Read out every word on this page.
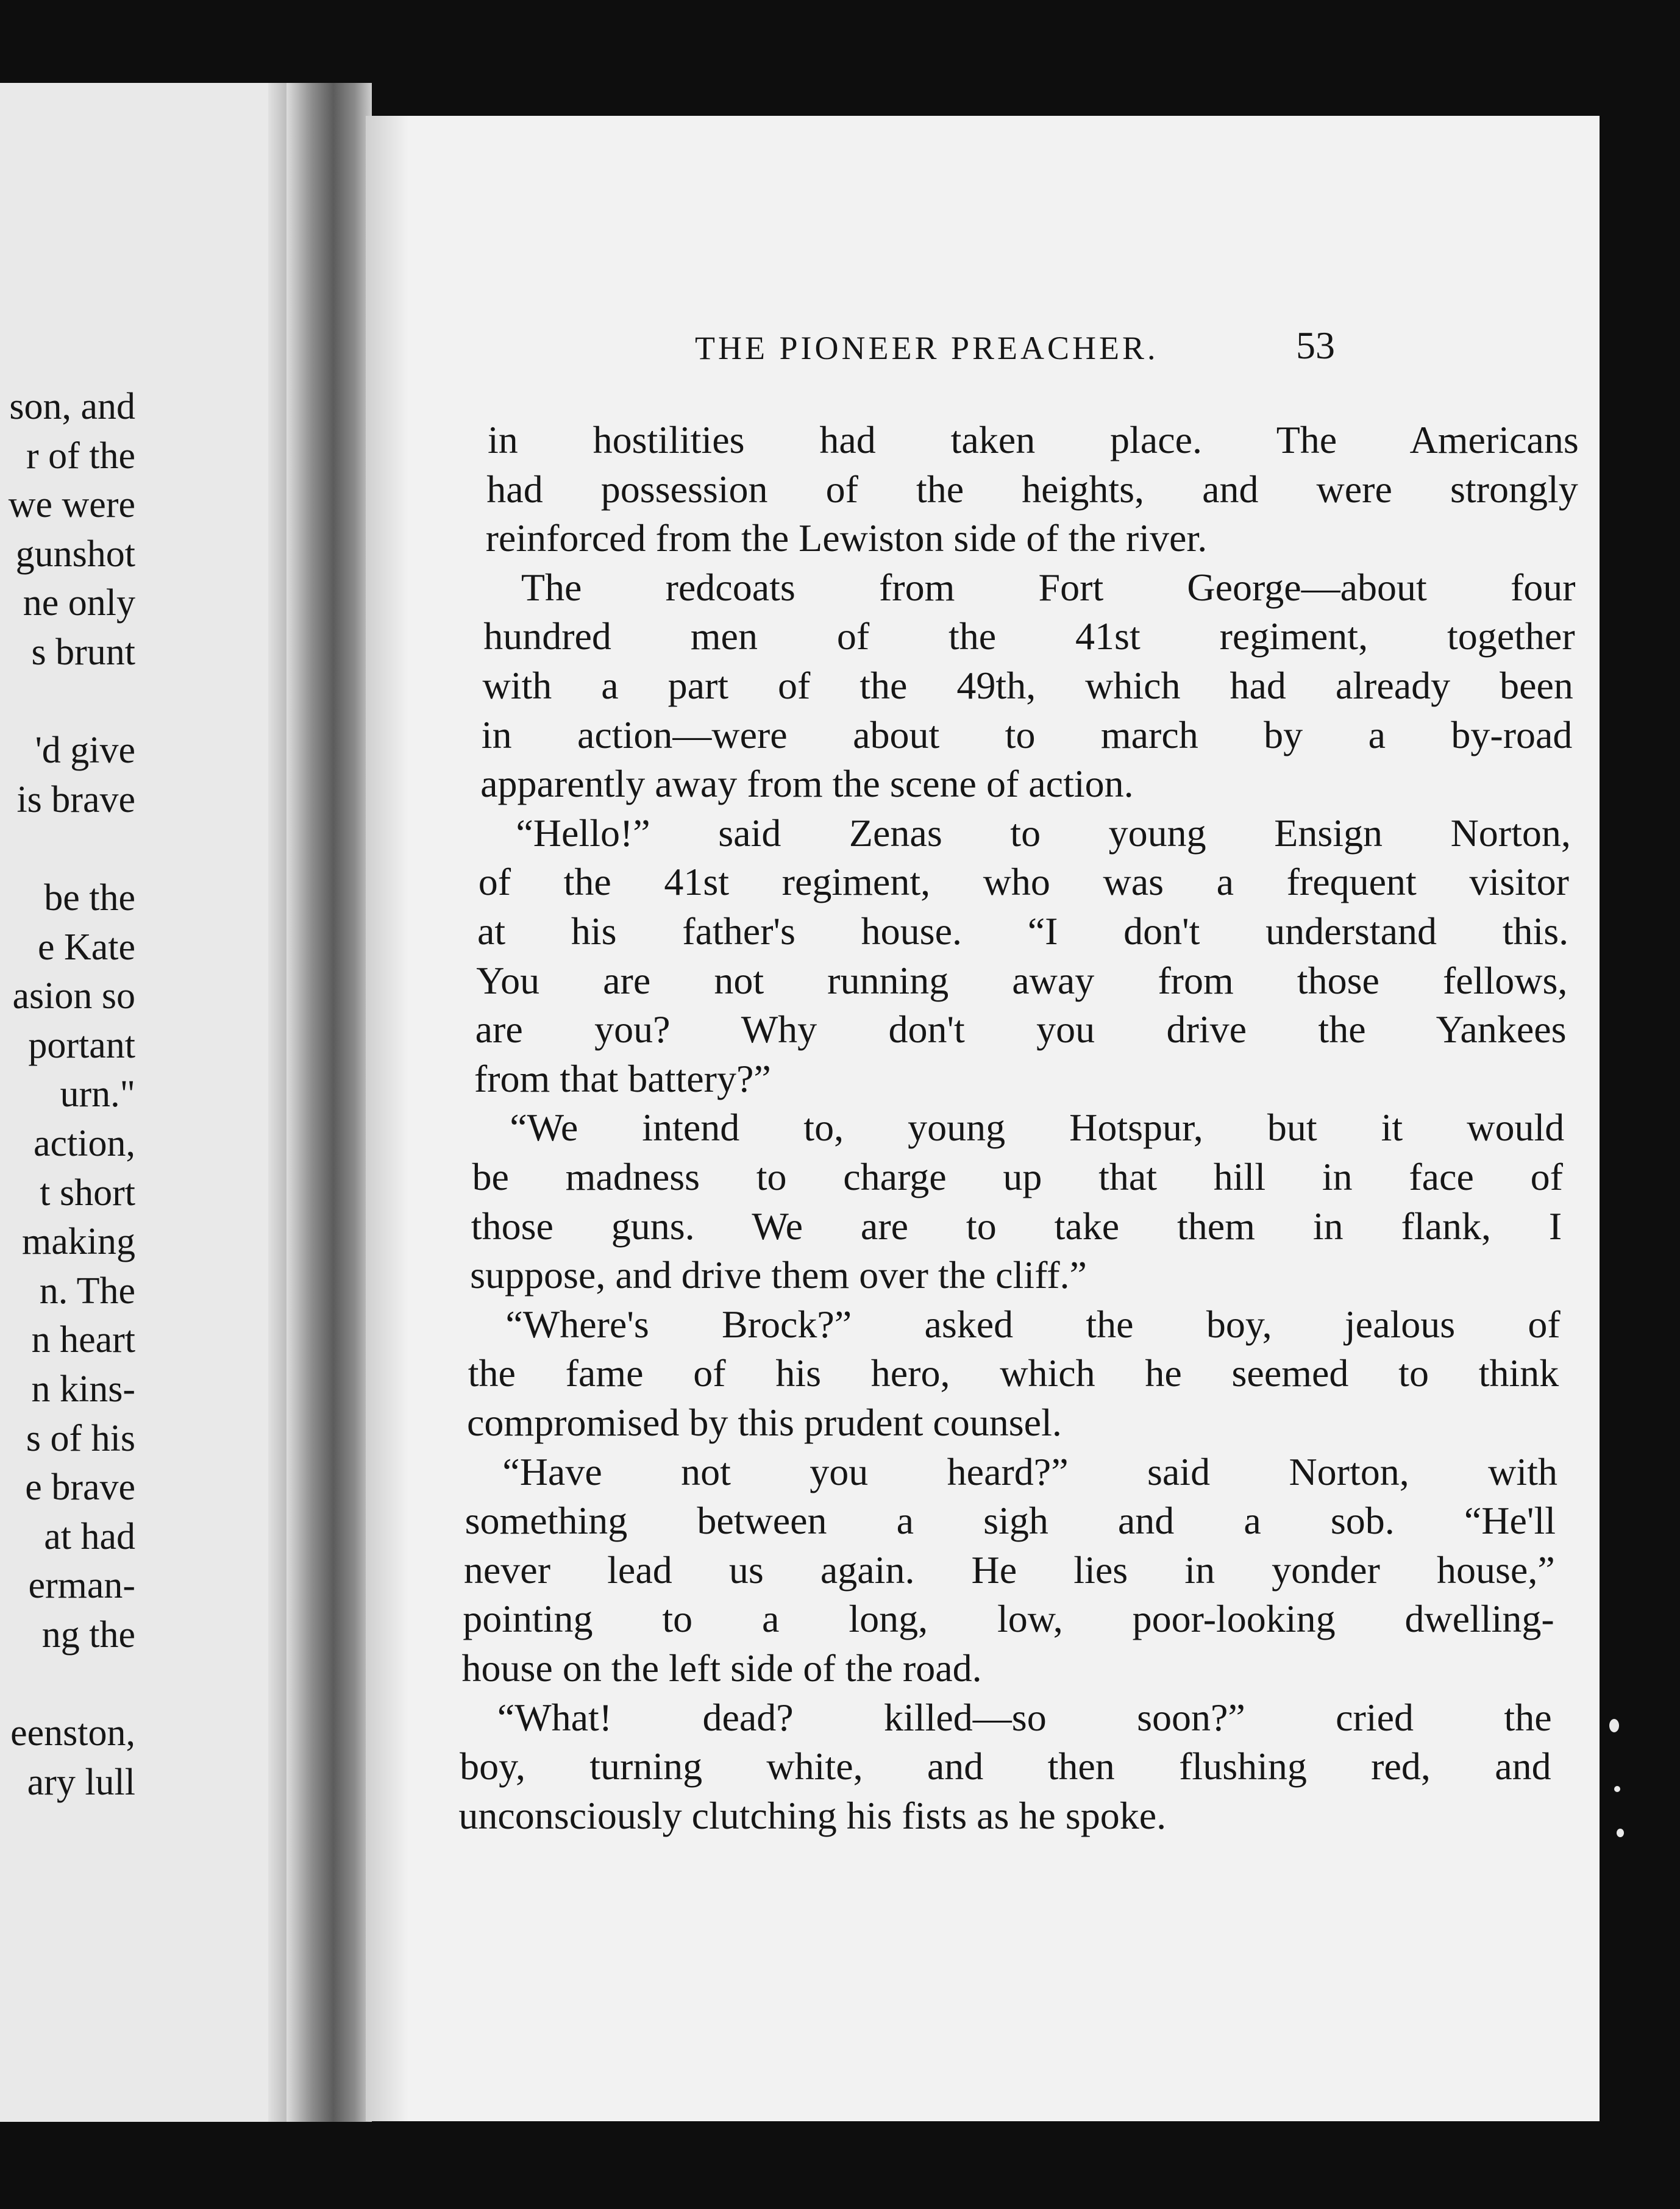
son, and
r of the
we were
gunshot
ne only
s brunt
'd give
is brave
be the
e Kate
asion so
portant
urn."
action,
t short
making
n. The
n heart
n kins-
s of his
e brave
at had
erman-
ng the
eenston,
ary lull
THE PIONEER PREACHER.	53
in hostilities had taken place. The Americans
had possession of the heights, and were strongly
reinforced from the Lewiston side of the river.
The redcoats from Fort George—about four
hundred men of the 41st regiment, together
with a part of the 49th, which had already been
in action—were about to march by a by-road
apparently away from the scene of action.
“Hello!” said Zenas to young Ensign Norton,
of the 41st regiment, who was a frequent visitor
at his father's house. “I don't understand this.
You are not running away from those fellows,
are you? Why don't you drive the Yankees
from that battery?”
“We intend to, young Hotspur, but it would
be madness to charge up that hill in face of
those guns. We are to take them in flank, I
suppose, and drive them over the cliff.”
“Where's Brock?” asked the boy, jealous of
the fame of his hero, which he seemed to think
compromised by this prudent counsel.
“Have not you heard?” said Norton, with
something between a sigh and a sob. “He'll
never lead us again. He lies in yonder house,”
pointing to a long, low, poor-looking dwelling-
house on the left side of the road.
“What! dead? killed—so soon?” cried the
boy, turning white, and then flushing red, and
unconsciously clutching his fists as he spoke.
